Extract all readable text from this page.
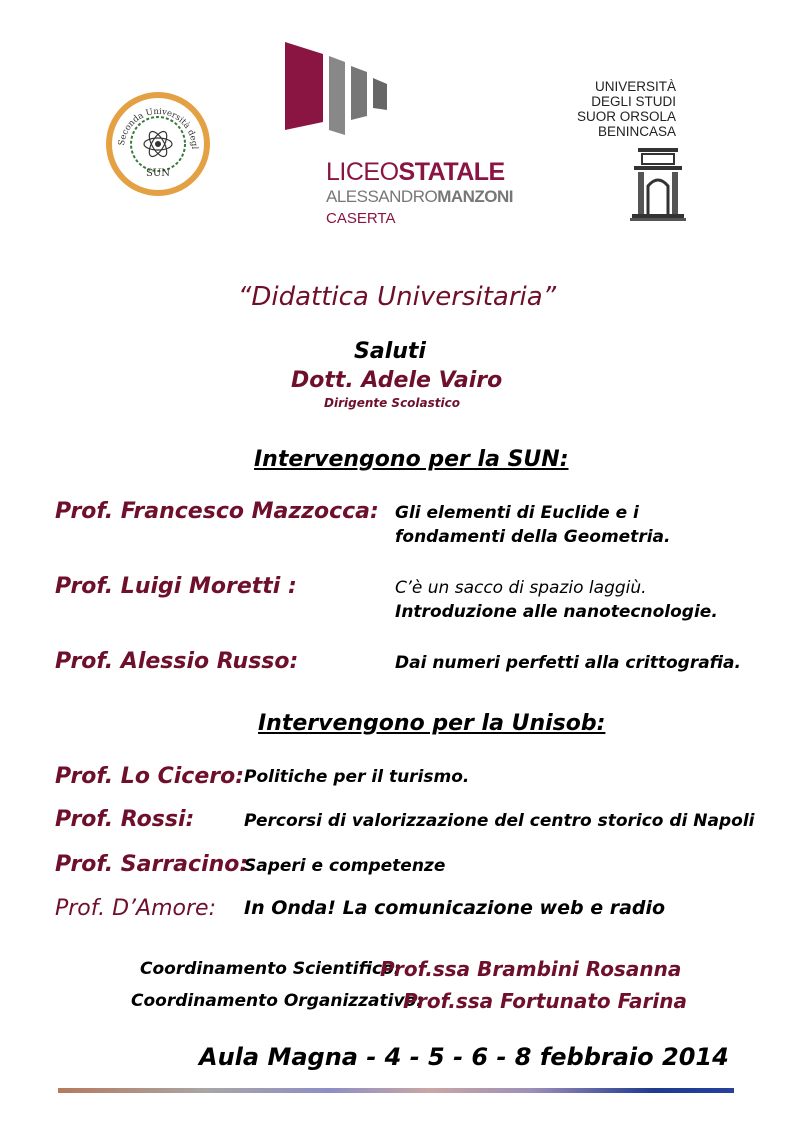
Seconda Università degl
SUN	LICEOSTATALE
ALESSANDROMANZONI
CASERTA
UNIVERSITÀ
DEGLI STUDI
SUOR ORSOLA
BENINCASA
“Didattica Universitaria”
Saluti
Dott. Adele Vairo
Dirigente Scolastico
Intervengono per la SUN:
Prof. Francesco Mazzocca: Gli elementi di Euclide e i
fondamenti della Geometria.
Prof. Luigi Moretti :	C’è un sacco di spazio laggiù.
Introduzione alle nanotecnologie.
Prof. Alessio Russo:	Dai numeri perfetti alla crittografia.
Intervengono per la Unisob:
Prof. Lo Cicero: Politiche per il turismo.
Prof. Rossi:	Percorsi di valorizzazione del centro storico di Napoli
Prof. Sarracino:
Saperi e competenze
Prof. D’Amore: In Onda! La comunicazione web e radio
Coordinamento Scientifico:
Prof.ssa Brambini Rosanna
Coordinamento Organizzativo:
Prof.ssa Fortunato Farina
Aula Magna - 4 - 5 - 6 - 8 febbraio 2014
